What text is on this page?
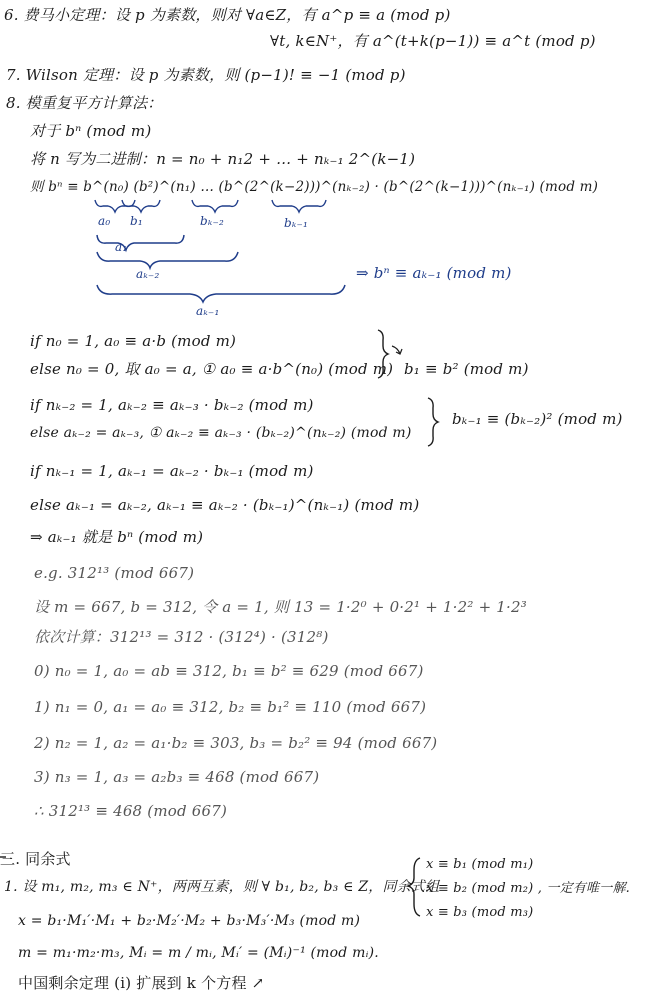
6. 费马小定理：设 p 为素数，则对 ∀a∈Z，有 a^p ≡ a (mod p)
∀t, k∈N⁺，有 a^(t+k(p−1)) ≡ a^t (mod p)
7. Wilson 定理：设 p 为素数，则 (p−1)! ≡ −1 (mod p)
8. 模重复平方计算法：
对于 bⁿ (mod m)
将 n 写为二进制：n = n₀ + n₁2 + … + nₖ₋₁ 2^(k−1)
则 bⁿ ≡ b^(n₀) (b²)^(n₁) … (b^(2^(k−2)))^(nₖ₋₂) · (b^(2^(k−1)))^(nₖ₋₁) (mod m)
a₀ b₁	bₖ₋₂	bₖ₋₁
a₁
aₖ₋₂
aₖ₋₁
⇒ bⁿ ≡ aₖ₋₁ (mod m)
if n₀ = 1, a₀ ≡ a·b (mod m)
else n₀ = 0, 取 a₀ = a, ① a₀ ≡ a·b^(n₀) (mod m) b₁ ≡ b² (mod m)
if nₖ₋₂ = 1, aₖ₋₂ ≡ aₖ₋₃ · bₖ₋₂ (mod m)
else aₖ₋₂ = aₖ₋₃, ① aₖ₋₂ ≡ aₖ₋₃ · (bₖ₋₂)^(nₖ₋₂) (mod m)
bₖ₋₁ ≡ (bₖ₋₂)² (mod m)
if nₖ₋₁ = 1, aₖ₋₁ = aₖ₋₂ · bₖ₋₁ (mod m)
else aₖ₋₁ = aₖ₋₂, aₖ₋₁ ≡ aₖ₋₂ · (bₖ₋₁)^(nₖ₋₁) (mod m)
⇒ aₖ₋₁ 就是 bⁿ (mod m)
e.g. 312¹³ (mod 667)
设 m = 667, b = 312, 令 a = 1, 则 13 = 1·2⁰ + 0·2¹ + 1·2² + 1·2³
依次计算：312¹³ = 312 · (312⁴) · (312⁸)
0) n₀ = 1, a₀ = ab ≡ 312, b₁ ≡ b² ≡ 629 (mod 667)
1) n₁ = 0, a₁ = a₀ ≡ 312, b₂ ≡ b₁² ≡ 110 (mod 667)
2) n₂ = 1, a₂ = a₁·b₂ ≡ 303, b₃ = b₂² ≡ 94 (mod 667)
3) n₃ = 1, a₃ = a₂b₃ ≡ 468 (mod 667)
∴ 312¹³ ≡ 468 (mod 667)
三. 同余式
1. 设 m₁, m₂, m₃ ∈ N⁺，两两互素，则 ∀ b₁, b₂, b₃ ∈ Z，同余式组
x ≡ b₁ (mod m₁)
x ≡ b₂ (mod m₂) , 一定有唯一解.
x ≡ b₃ (mod m₃)
x = b₁·M₁′·M₁ + b₂·M₂′·M₂ + b₃·M₃′·M₃ (mod m)
m = m₁·m₂·m₃, Mᵢ = m / mᵢ, Mᵢ′ = (Mᵢ)⁻¹ (mod mᵢ).
中国剩余定理 (i) 扩展到 k 个方程 ↗
